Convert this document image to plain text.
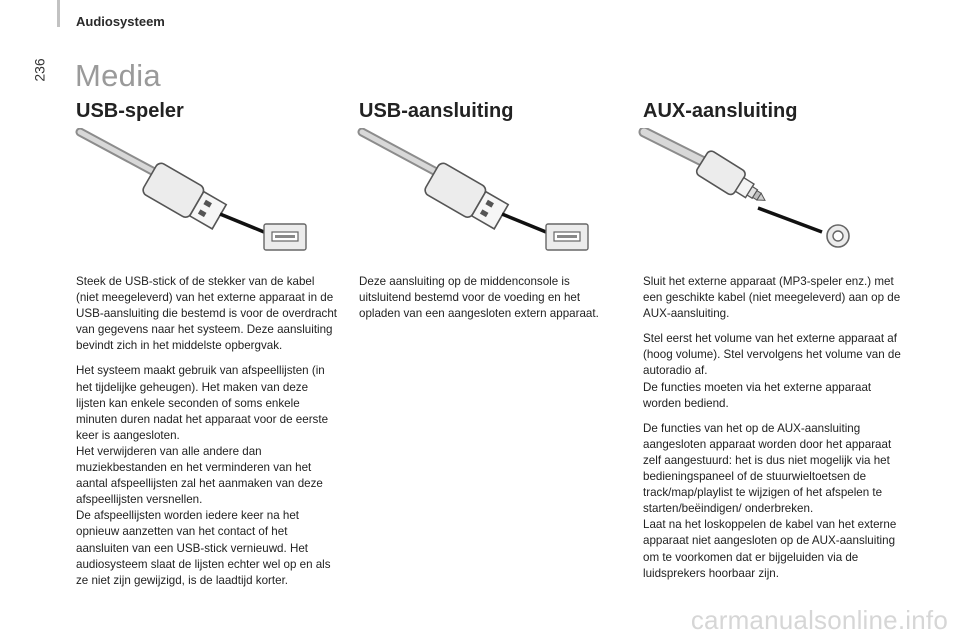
Audiosysteem
236 Media
USB-speler

Steek de USB-stick of de stekker van de kabel (niet meegeleverd) van het externe apparaat in de USB-aansluiting die bestemd is voor de overdracht van gegevens naar het systeem. Deze aansluiting bevindt zich in het middelste opbergvak.

Het systeem maakt gebruik van afspeellijsten (in het tijdelijke geheugen). Het maken van deze lijsten kan enkele seconden of soms enkele minuten duren nadat het apparaat voor de eerste keer is aangesloten.
Het verwijderen van alle andere dan muziekbestanden en het verminderen van het aantal afspeellijsten zal het aanmaken van deze afspeellijsten versnellen.
De afspeellijsten worden iedere keer na het opnieuw aanzetten van het contact of het aansluiten van een USB-stick vernieuwd. Het audiosysteem slaat de lijsten echter wel op en als ze niet zijn gewijzigd, is de laadtijd korter.

USB-aansluiting

Deze aansluiting op de middenconsole is uitsluitend bestemd voor de voeding en het opladen van een aangesloten extern apparaat.

AUX-aansluiting

Sluit het externe apparaat (MP3-speler enz.) met een geschikte kabel (niet meegeleverd) aan op de AUX-aansluiting.

Stel eerst het volume van het externe apparaat af (hoog volume). Stel vervolgens het volume van de autoradio af.
De functies moeten via het externe apparaat worden bediend.

De functies van het op de AUX-aansluiting aangesloten apparaat worden door het apparaat zelf aangestuurd: het is dus niet mogelijk via het bedieningspaneel of de stuurwieltoetsen de track/map/playlist te wijzigen of het afspelen te starten/beëindigen/ onderbreken.
Laat na het loskoppelen de kabel van het externe apparaat niet aangesloten op de AUX-aansluiting om te voorkomen dat er bijgeluiden via de luidsprekers hoorbaar zijn.

carmanualsonline.info
